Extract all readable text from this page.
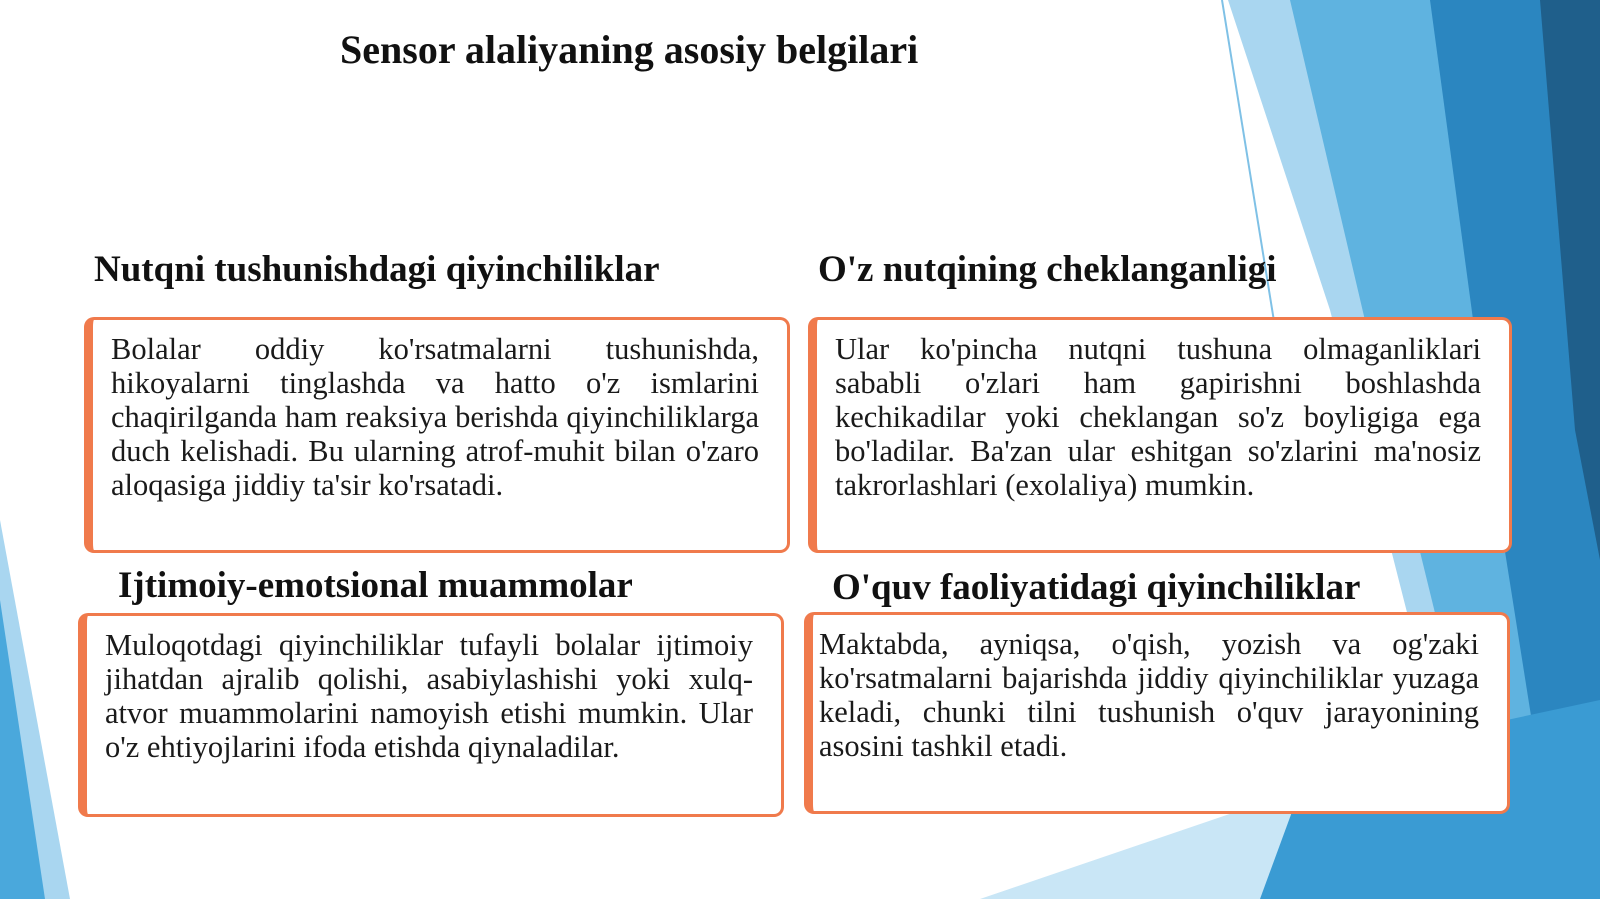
Sensor alaliyaning asosiy belgilari
Nutqni tushunishdagi qiyinchiliklar

Bolalar oddiy ko'rsatmalarni tushunishda, hikoyalarni tinglashda va hatto o'z ismlarini chaqirilganda ham reaksiya berishda qiyinchiliklarga duch kelishadi. Bu ularning atrof-muhit bilan o'zaro aloqasiga jiddiy ta'sir ko'rsatadi.

O'z nutqining cheklanganligi

Ular ko'pincha nutqni tushuna olmaganliklari sababli o'zlari ham gapirishni boshlashda kechikadilar yoki cheklangan so'z boyligiga ega bo'ladilar. Ba'zan ular eshitgan so'zlarini ma'nosiz takrorlashlari (exolaliya) mumkin.

Ijtimoiy-emotsional muammolar

Muloqotdagi qiyinchiliklar tufayli bolalar ijtimoiy jihatdan ajralib qolishi, asabiylashishi yoki xulq-atvor muammolarini namoyish etishi mumkin. Ular o'z ehtiyojlarini ifoda etishda qiynaladilar.

O'quv faoliyatidagi qiyinchiliklar

Maktabda, ayniqsa, o'qish, yozish va og'zaki ko'rsatmalarni bajarishda jiddiy qiyinchiliklar yuzaga keladi, chunki tilni tushunish o'quv jarayonining asosini tashkil etadi.
